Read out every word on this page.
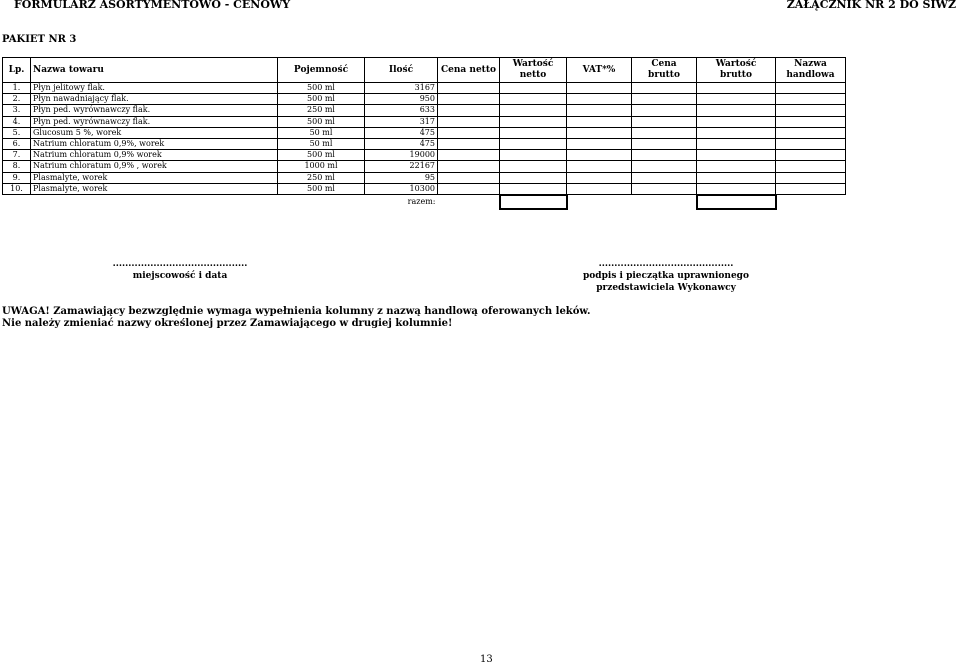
FORMULARZ ASORTYMENTOWO - CENOWY	ZAŁĄCZNIK NR 2 DO SIWZ
PAKIET NR 3
Lp.	Nazwa towaru	Pojemność	Ilość	Cena netto	Wartość netto	VAT*%	Cena brutto	Wartość brutto	Nazwa handlowa
1.	Płyn jelitowy flak.	500 ml	3167						
2.	Płyn nawadniający flak.	500 ml	950						
3.	Płyn ped. wyrównawczy flak.	250 ml	633						
4.	Płyn ped. wyrównawczy flak.	500 ml	317						
5.	Glucosum 5 %, worek	50 ml	475						
6.	Natrium chloratum 0,9%, worek	50 ml	475						
7.	Natrium chloratum 0,9% worek	500 ml	19000						
8.	Natrium chloratum 0,9% , worek	1000 ml	22167						
9.	Plasmalyte, worek	250 ml	95						
10.	Plasmalyte, worek	500 ml	10300						
			razem:						
...........................................
miejscowość i data
...........................................
podpis i pieczątka uprawnionego
przedstawiciela Wykonawcy
UWAGA! Zamawiający bezwzględnie wymaga wypełnienia kolumny z nazwą handlową oferowanych leków.
Nie należy zmieniać nazwy określonej przez Zamawiającego w drugiej kolumnie!
13
